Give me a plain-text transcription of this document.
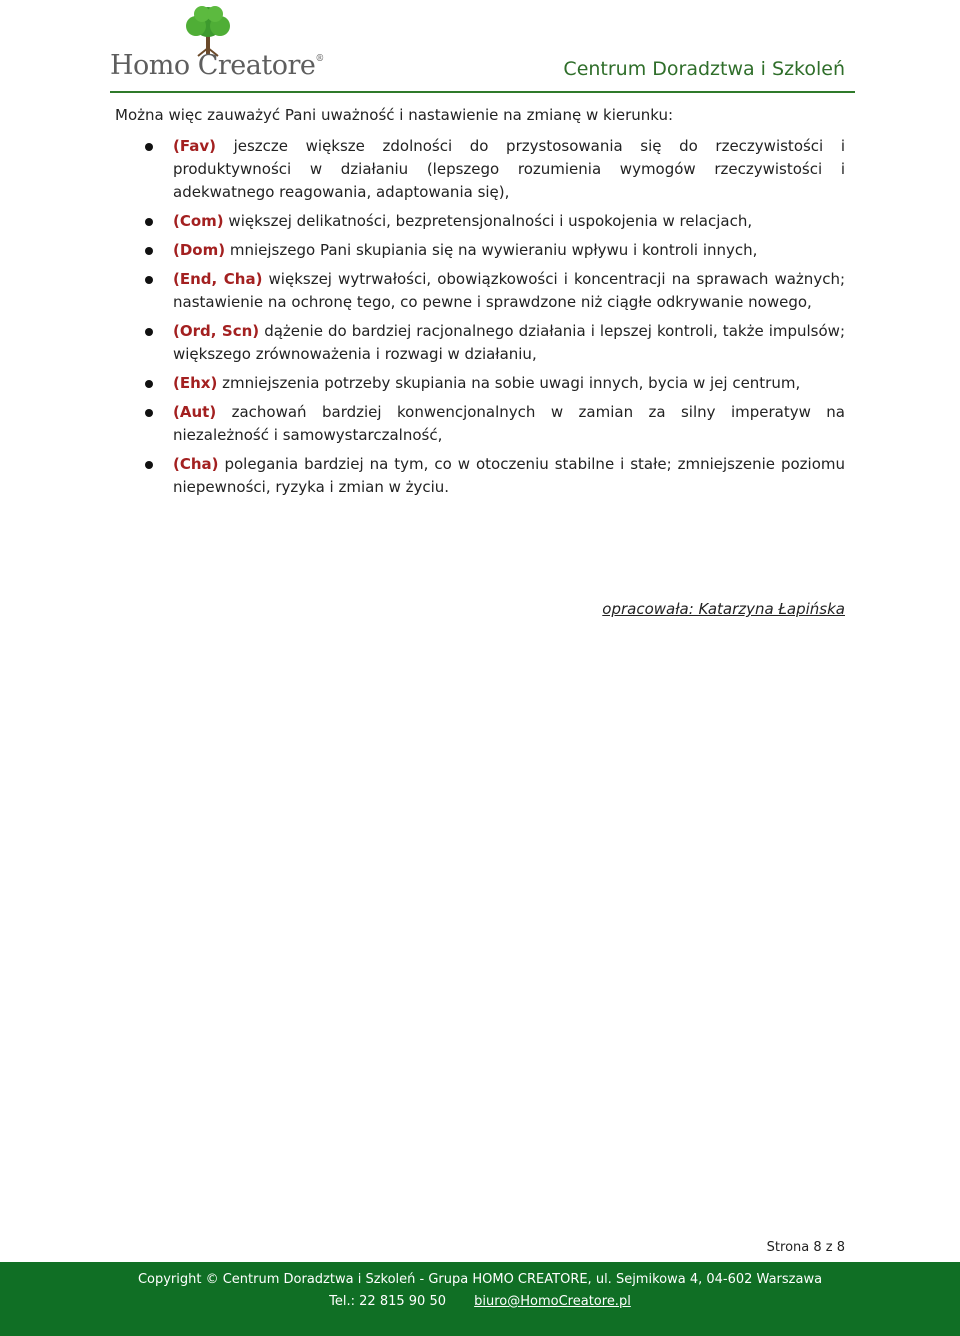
Homo Creatore®	Centrum Doradztwa i Szkoleń

Można więc zauważyć Pani uważność i nastawienie na zmianę w kierunku:

(Fav) jeszcze większe zdolności do przystosowania się do rzeczywistości i produktywności w działaniu (lepszego rozumienia wymogów rzeczywistości i adekwatnego reagowania, adaptowania się),
(Com) większej delikatności, bezpretensjonalności i uspokojenia w relacjach,
(Dom) mniejszego Pani skupiania się na wywieraniu wpływu i kontroli innych,
(End, Cha) większej wytrwałości, obowiązkowości i koncentracji na sprawach ważnych; nastawienie na ochronę tego, co pewne i sprawdzone niż ciągłe odkrywanie nowego,
(Ord, Scn) dążenie do bardziej racjonalnego działania i lepszej kontroli, także impulsów; większego zrównoważenia i rozwagi w działaniu,
(Ehx) zmniejszenia potrzeby skupiania na sobie uwagi innych, bycia w jej centrum,
(Aut) zachowań bardziej konwencjonalnych w zamian za silny imperatyw na niezależność i samowystarczalność,
(Cha) polegania bardziej na tym, co w otoczeniu stabilne i stałe; zmniejszenie poziomu niepewności, ryzyka i zmian w życiu.
opracowała: Katarzyna Łapińska
Strona 8 z 8
Copyright © Centrum Doradztwa i Szkoleń - Grupa HOMO CREATORE, ul. Sejmikowa 4, 04-602 Warszawa
Tel.: 22 815 90 50 biuro@HomoCreatore.pl
